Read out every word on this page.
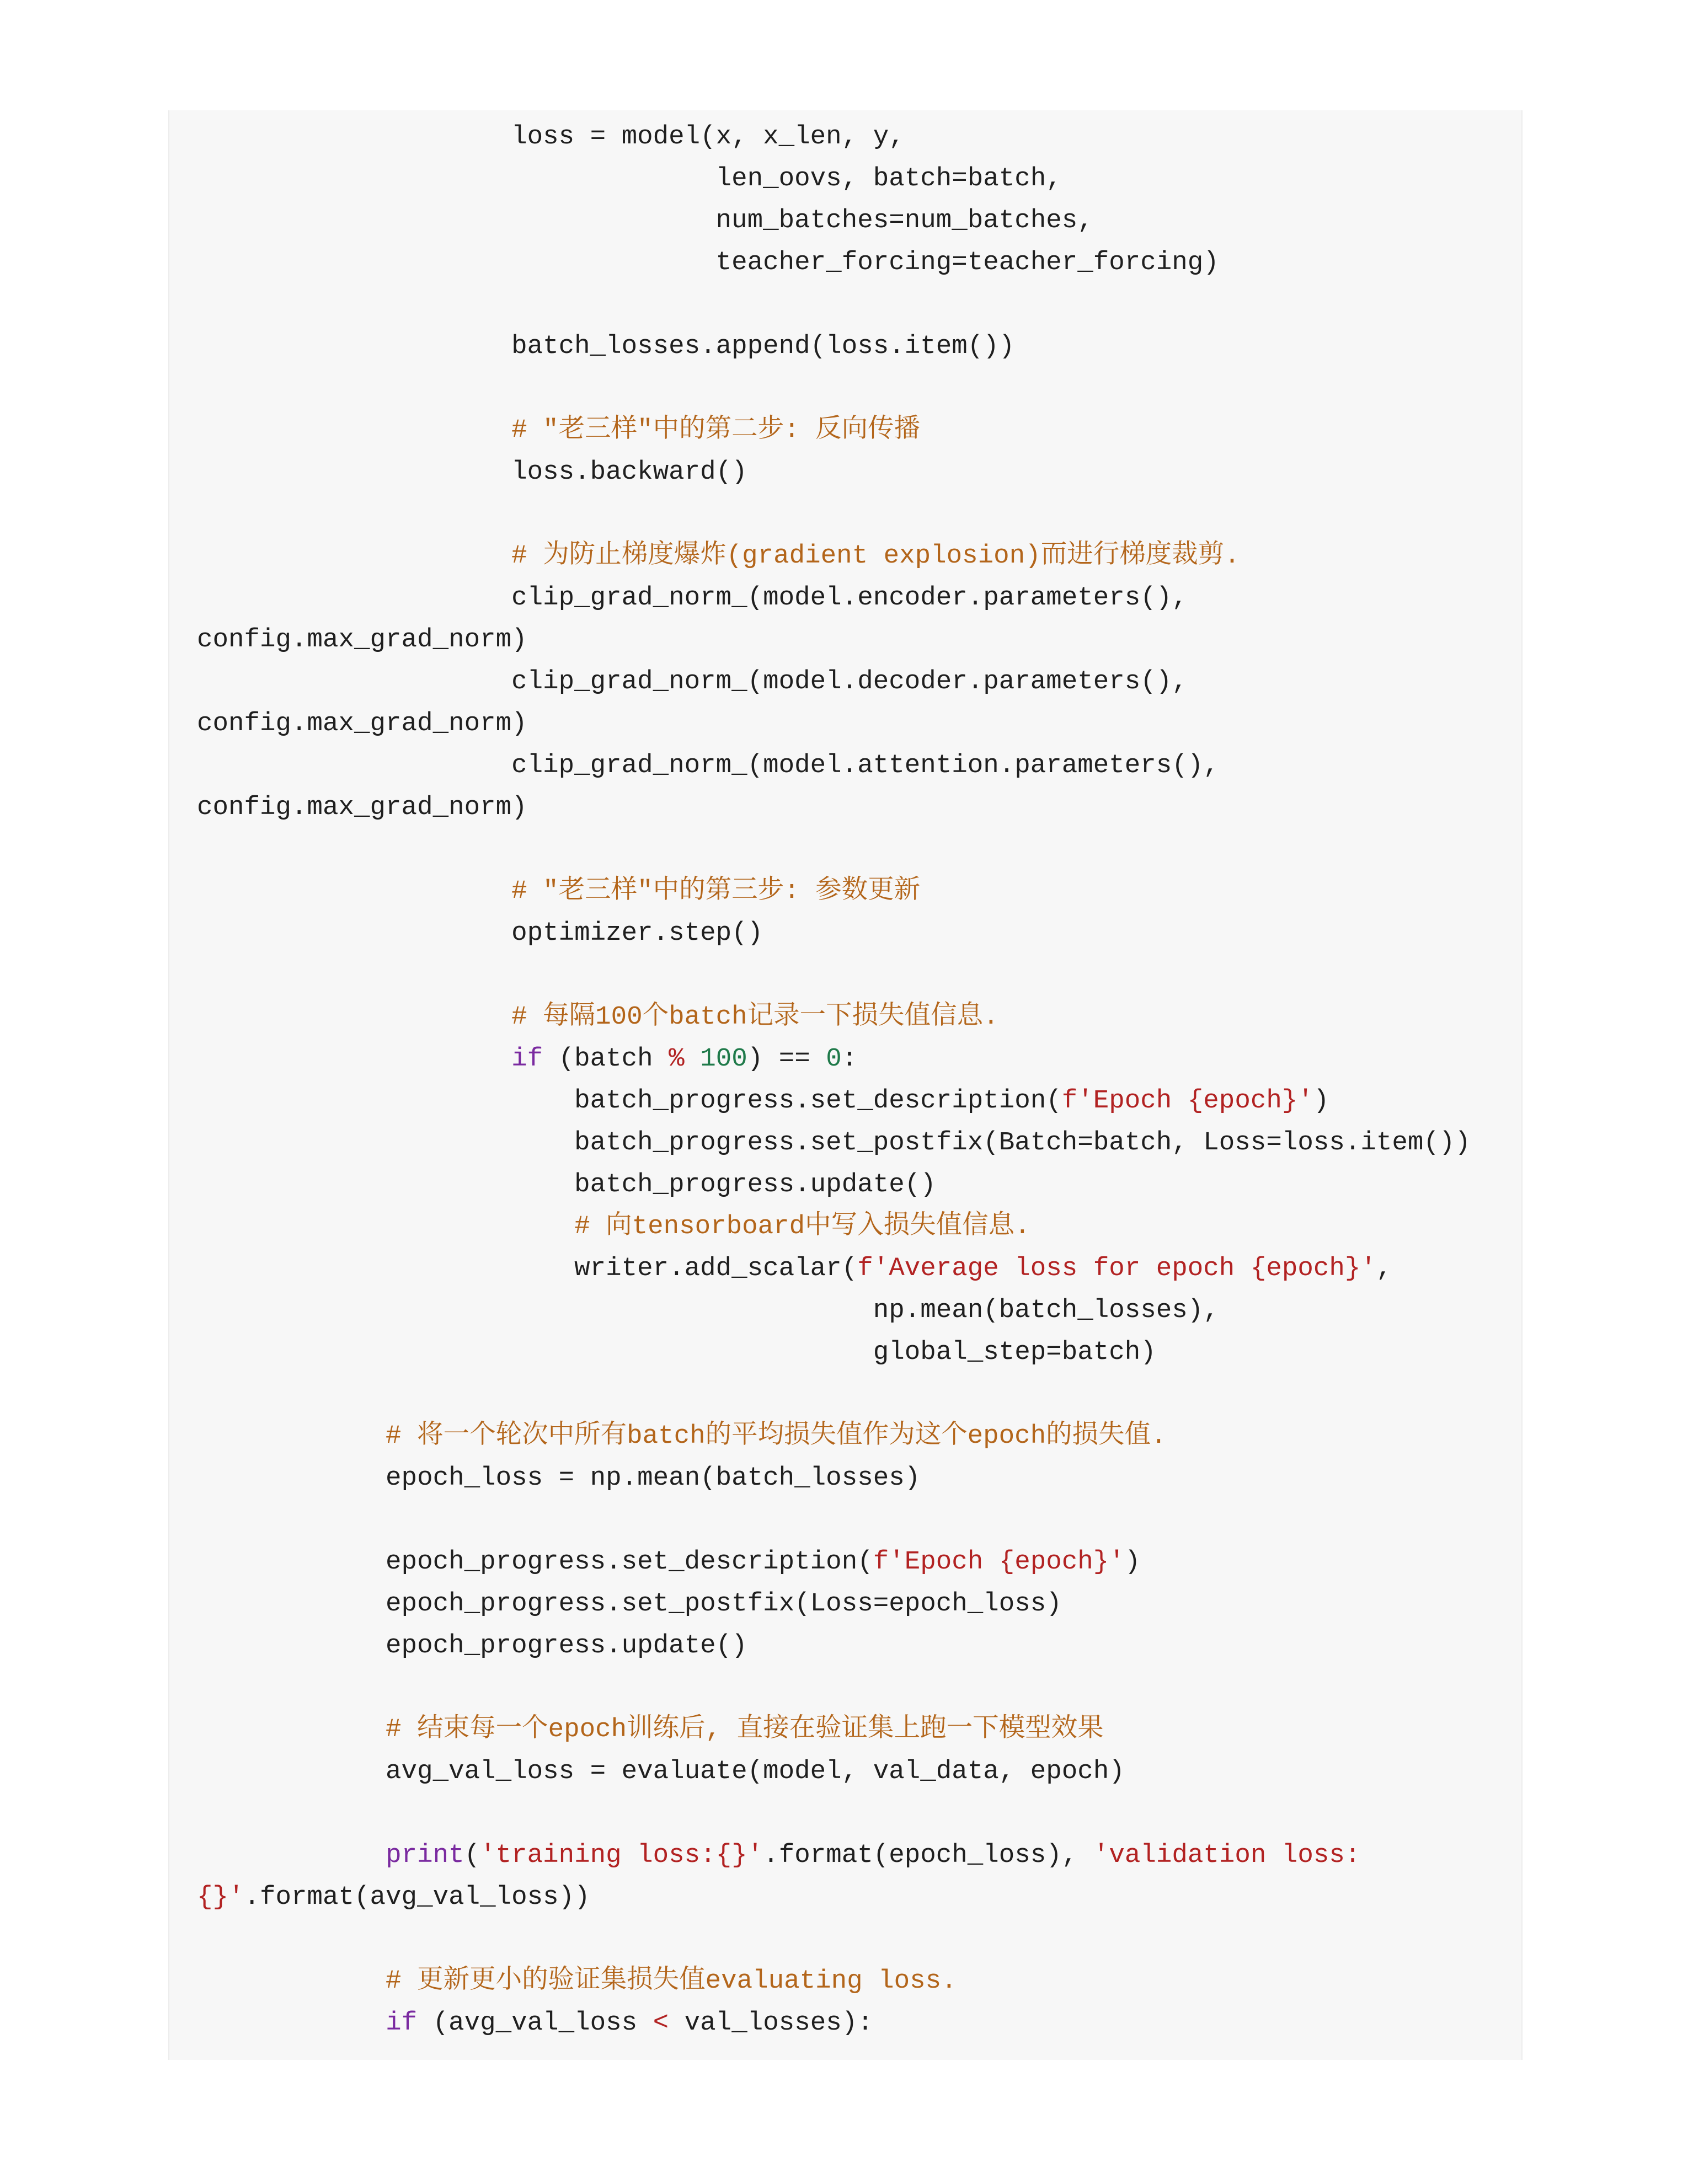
loss = model(x, x_len, y,
len_oovs, batch=batch,
num_batches=num_batches,
teacher_forcing=teacher_forcing)
batch_losses.append(loss.item())
# "老三样"中的第二步: 反向传播
loss.backward()
# 为防止梯度爆炸(gradient explosion)而进行梯度裁剪.
clip_grad_norm_(model.encoder.parameters(),
config.max_grad_norm)
clip_grad_norm_(model.decoder.parameters(),
config.max_grad_norm)
clip_grad_norm_(model.attention.parameters(),
config.max_grad_norm)
# "老三样"中的第三步: 参数更新
optimizer.step()
# 每隔100个batch记录一下损失值信息.
if (batch % 100) == 0:
batch_progress.set_description(f'Epoch {epoch}')
batch_progress.set_postfix(Batch=batch, Loss=loss.item())
batch_progress.update()
# 向tensorboard中写入损失值信息.
writer.add_scalar(f'Average loss for epoch {epoch}',
np.mean(batch_losses),
global_step=batch)
# 将一个轮次中所有batch的平均损失值作为这个epoch的损失值.
epoch_loss = np.mean(batch_losses)
epoch_progress.set_description(f'Epoch {epoch}')
epoch_progress.set_postfix(Loss=epoch_loss)
epoch_progress.update()
# 结束每一个epoch训练后, 直接在验证集上跑一下模型效果
avg_val_loss = evaluate(model, val_data, epoch)
print('training loss:{}'.format(epoch_loss), 'validation loss:
{}'.format(avg_val_loss))
# 更新更小的验证集损失值evaluating loss.
if (avg_val_loss < val_losses):
